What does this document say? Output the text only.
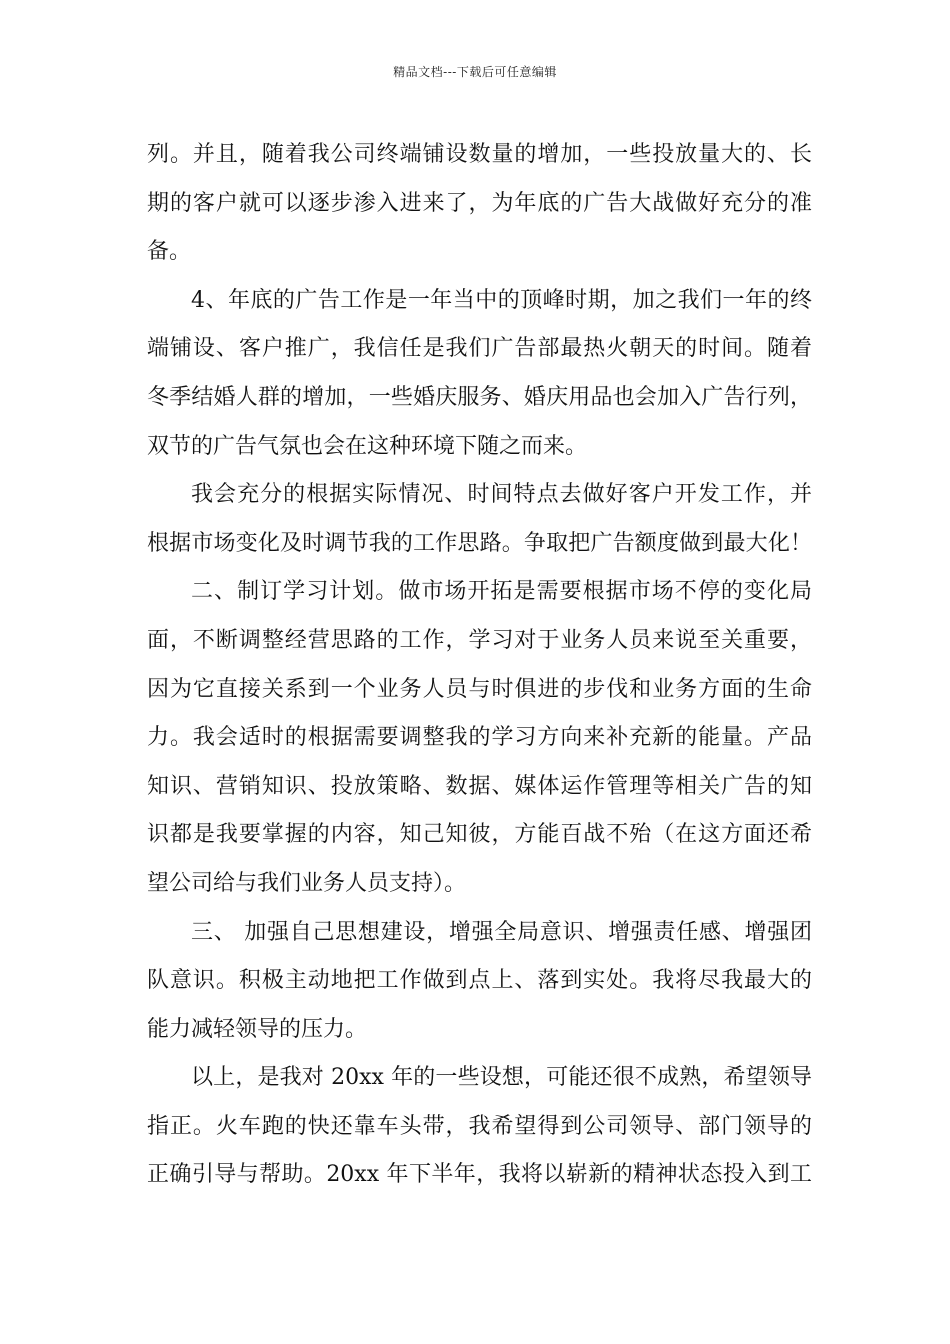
精品文档---下载后可任意编辑
列。并且，随着我公司终端铺设数量的增加，一些投放量大的、长
期的客户就可以逐步渗入进来了，为年底的广告大战做好充分的准
备。
4、年底的广告工作是一年当中的顶峰时期，加之我们一年的终
端铺设、客户推广，我信任是我们广告部最热火朝天的时间。随着
冬季结婚人群的增加，一些婚庆服务、婚庆用品也会加入广告行列，
双节的广告气氛也会在这种环境下随之而来。
我会充分的根据实际情况、时间特点去做好客户开发工作，并
根据市场变化及时调节我的工作思路。争取把广告额度做到最大化！
二、制订学习计划。做市场开拓是需要根据市场不停的变化局
面，不断调整经营思路的工作，学习对于业务人员来说至关重要，
因为它直接关系到一个业务人员与时俱进的步伐和业务方面的生命
力。我会适时的根据需要调整我的学习方向来补充新的能量。产品
知识、营销知识、投放策略、数据、媒体运作管理等相关广告的知
识都是我要掌握的内容，知己知彼，方能百战不殆（在这方面还希
望公司给与我们业务人员支持）。
三、 加强自己思想建设，增强全局意识、增强责任感、增强团
队意识。积极主动地把工作做到点上、落到实处。我将尽我最大的
能力减轻领导的压力。
以上，是我对 20xx 年的一些设想，可能还很不成熟，希望领导
指正。火车跑的快还靠车头带，我希望得到公司领导、部门领导的
正确引导与帮助。20xx 年下半年，我将以崭新的精神状态投入到工
